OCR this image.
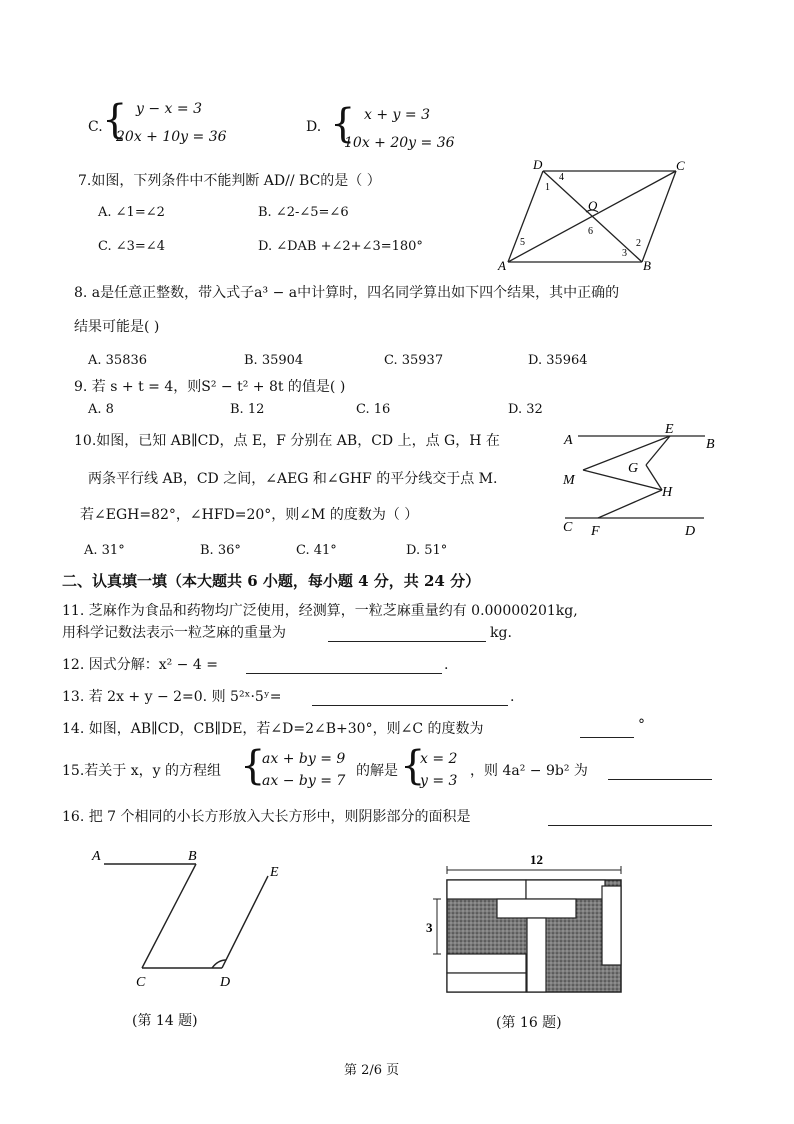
C. { y − x = 3
20x + 10y = 36
D. { x + y = 3
10x + 20y = 36
7.如图，下列条件中不能判断 AD// BC的是（ ）
A. ∠1=∠2	B. ∠2-∠5=∠6
C. ∠3=∠4	D. ∠DAB +∠2+∠3=180°
D	C
A	B
O
1
4
5
6
3
2
8. a是任意正整数，带入式子a³ − a中计算时，四名同学算出如下四个结果，其中正确的
结果可能是( )
A. 35836	B. 35904	C. 35937	D. 35964
9. 若 s + t = 4，则S² − t² + 8t 的值是( )
A. 8	B. 12	C. 16	D. 32
10.如图，已知 AB∥CD，点 E，F 分别在 AB，CD 上，点 G，H 在
两条平行线 AB，CD 之间，∠AEG 和∠GHF 的平分线交于点 M.
若∠EGH=82°，∠HFD=20°，则∠M 的度数为（ ）
A. 31°	B. 36°	C. 41°	D. 51°
A
E
B
G
M
H
C F	D
二、认真填一填（本大题共 6 小题，每小题 4 分，共 24 分）
11. 芝麻作为食品和药物均广泛使用，经测算，一粒芝麻重量约有 0.00000201kg,
用科学记数法表示一粒芝麻的重量为	kg.
12. 因式分解：x² − 4 =	.
13. 若 2x + y − 2=0. 则 5²ˣ·5ʸ=	.
14. 如图，AB∥CD，CB∥DE，若∠D=2∠B+30°，则∠C 的度数为	°
15.若关于 x，y 的方程组 {
ax + by = 9
ax − by = 7
的解是 {
x = 2
y = 3
，则 4a² − 9b² 为
16. 把 7 个相同的小长方形放入大长方形中，则阴影部分的面积是
A	B
E
C	D
(第 14 题)
12
3
(第 16 题)
第 2/6 页
